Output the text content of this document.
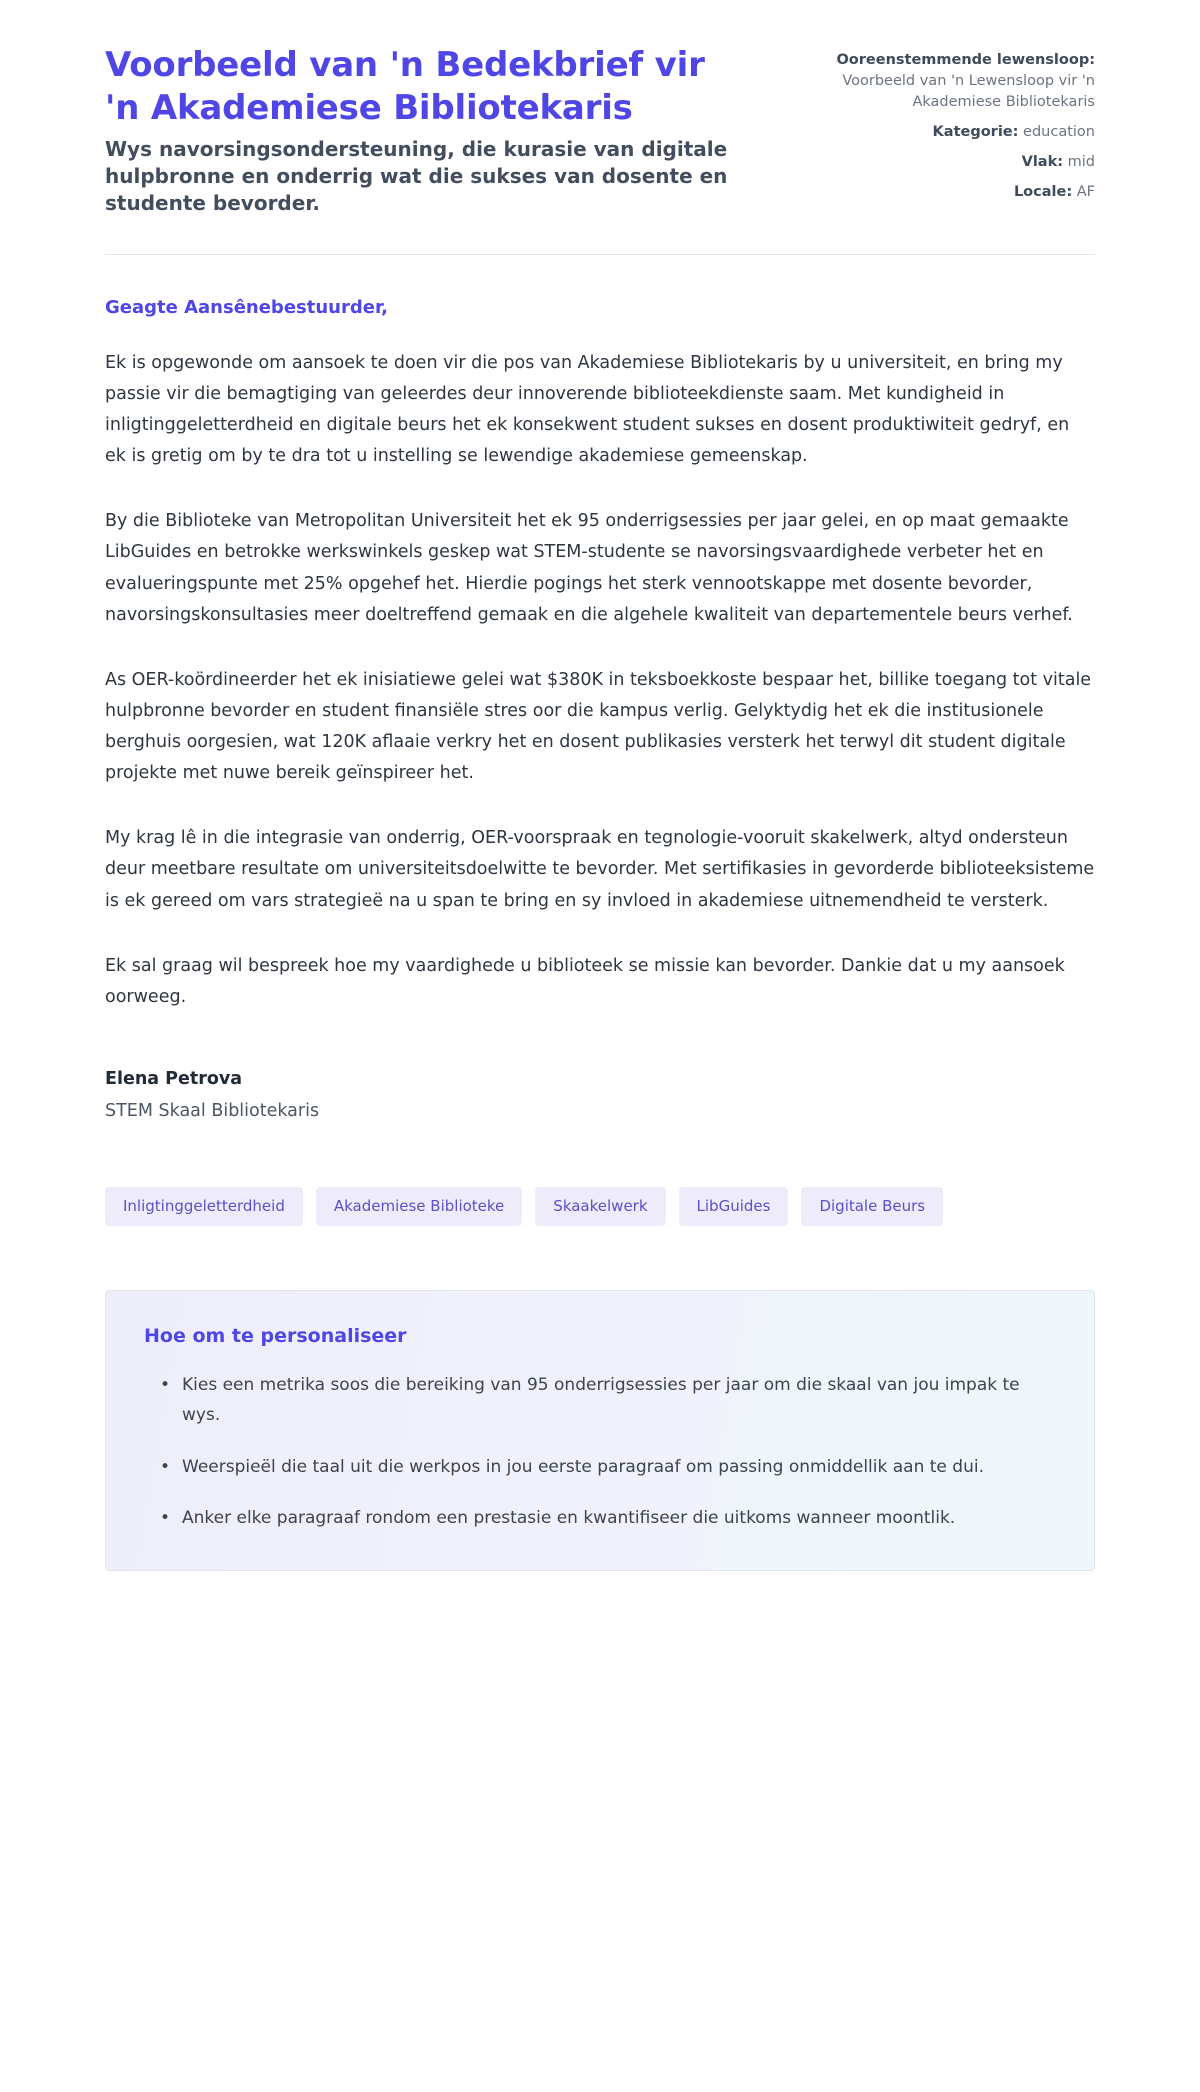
Voorbeeld van 'n Bedekbrief vir 'n Akademiese Bibliotekaris

Wys navorsingsondersteuning, die kurasie van digitale hulpbronne en onderrig wat die sukses van dosente en studente bevorder.

Ooreenstemmende lewensloop: Voorbeeld van 'n Lewensloop vir 'n Akademiese Bibliotekaris
Kategorie: education
Vlak: mid
Locale: AF

Geagte Aansênebestuurder,

Ek is opgewonde om aansoek te doen vir die pos van Akademiese Bibliotekaris by u universiteit, en bring my passie vir die bemagtiging van geleerdes deur innoverende biblioteekdienste saam. Met kundigheid in inligtinggeletterdheid en digitale beurs het ek konsekwent student sukses en dosent produktiwiteit gedryf, en ek is gretig om by te dra tot u instelling se lewendige akademiese gemeenskap.

By die Biblioteke van Metropolitan Universiteit het ek 95 onderrigsessies per jaar gelei, en op maat gemaakte LibGuides en betrokke werkswinkels geskep wat STEM-studente se navorsingsvaardighede verbeter het en evalueringspunte met 25% opgehef het. Hierdie pogings het sterk vennootskappe met dosente bevorder, navorsingskonsultasies meer doeltreffend gemaak en die algehele kwaliteit van departementele beurs verhef.

As OER-koördineerder het ek inisiatiewe gelei wat $380K in teksboekkoste bespaar het, billike toegang tot vitale hulpbronne bevorder en student finansiële stres oor die kampus verlig. Gelyktydig het ek die institusionele berghuis oorgesien, wat 120K aflaaie verkry het en dosent publikasies versterk het terwyl dit student digitale projekte met nuwe bereik geïnspireer het.

My krag lê in die integrasie van onderrig, OER-voorspraak en tegnologie-vooruit skakelwerk, altyd ondersteun deur meetbare resultate om universiteitsdoelwitte te bevorder. Met sertifikasies in gevorderde biblioteeksisteme is ek gereed om vars strategieë na u span te bring en sy invloed in akademiese uitnemendheid te versterk.

Ek sal graag wil bespreek hoe my vaardighede u biblioteek se missie kan bevorder. Dankie dat u my aansoek oorweeg.

Elena Petrova

STEM Skaal Bibliotekaris

Inligtinggeletterdheid	Akademiese Biblioteke	Skaakelwerk	LibGuides	Digitale Beurs
Hoe om te personaliseer
• Kies een metrika soos die bereiking van 95 onderrigsessies per jaar om die skaal van jou impak te wys.
• Weerspieël die taal uit die werkpos in jou eerste paragraaf om passing onmiddellik aan te dui.
• Anker elke paragraaf rondom een prestasie en kwantifiseer die uitkoms wanneer moontlik.
